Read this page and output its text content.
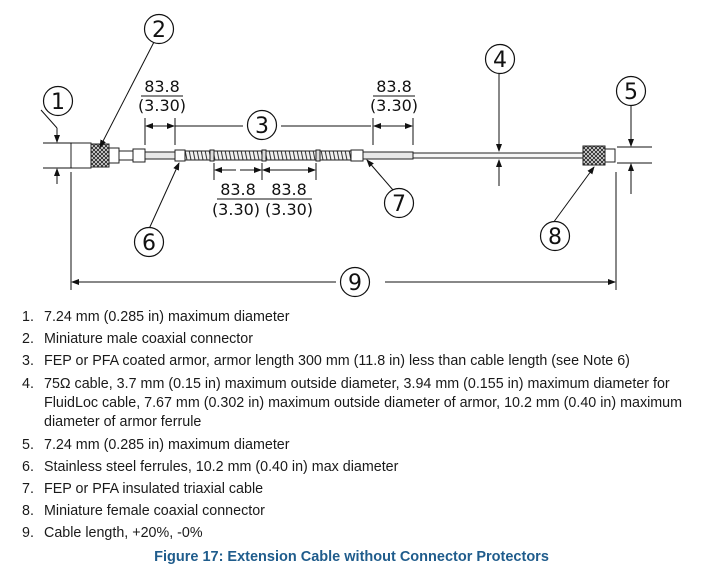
1
2
3
4
5
6
7
8
9
83.8
(3.30)
83.8
(3.30)
83.8 83.8
(3.30) (3.30)
1. 7.24 mm (0.285 in) maximum diameter
2. Miniature male coaxial connector
3. FEP or PFA coated armor, armor length 300 mm (11.8 in) less than cable length (see Note 6)
4. 75Ω cable, 3.7 mm (0.15 in) maximum outside diameter, 3.94 mm (0.155 in) maximum diameter for FluidLoc cable, 7.67 mm (0.302 in) maximum outside diameter of armor, 10.2 mm (0.40 in) maximum diameter of armor ferrule
5. 7.24 mm (0.285 in) maximum diameter
6. Stainless steel ferrules, 10.2 mm (0.40 in) max diameter
7. FEP or PFA insulated triaxial cable
8. Miniature female coaxial connector
9. Cable length, +20%, -0%
Figure 17: Extension Cable without Connector Protectors
